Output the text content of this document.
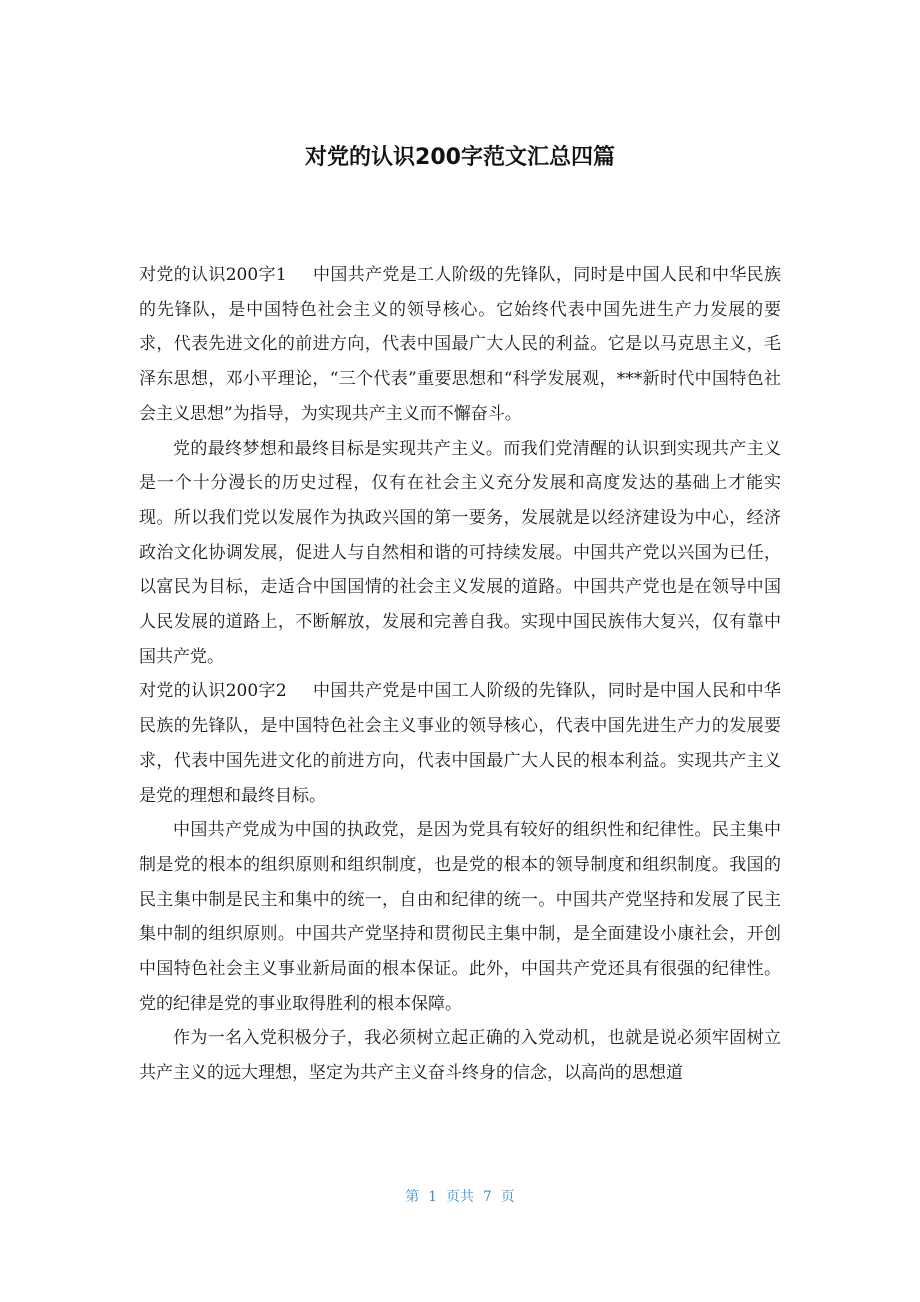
对党的认识200字范文汇总四篇

对党的认识200字1 中国共产党是工人阶级的先锋队，同时是中国人民和中华民族的先锋队，是中国特色社会主义的领导核心。它始终代表中国先进生产力发展的要求，代表先进文化的前进方向，代表中国最广大人民的利益。它是以马克思主义，毛泽东思想，邓小平理论，“三个代表”重要思想和“科学发展观，***新时代中国特色社会主义思想”为指导，为实现共产主义而不懈奋斗。

党的最终梦想和最终目标是实现共产主义。而我们党清醒的认识到实现共产主义是一个十分漫长的历史过程，仅有在社会主义充分发展和高度发达的基础上才能实现。所以我们党以发展作为执政兴国的第一要务，发展就是以经济建设为中心，经济政治文化协调发展，促进人与自然相和谐的可持续发展。中国共产党以兴国为已任，以富民为目标，走适合中国国情的社会主义发展的道路。中国共产党也是在领导中国人民发展的道路上，不断解放，发展和完善自我。实现中国民族伟大复兴，仅有靠中国共产党。

对党的认识200字2 中国共产党是中国工人阶级的先锋队，同时是中国人民和中华民族的先锋队，是中国特色社会主义事业的领导核心，代表中国先进生产力的发展要求，代表中国先进文化的前进方向，代表中国最广大人民的根本利益。实现共产主义是党的理想和最终目标。

中国共产党成为中国的执政党，是因为党具有较好的组织性和纪律性。民主集中制是党的根本的组织原则和组织制度，也是党的根本的领导制度和组织制度。我国的民主集中制是民主和集中的统一，自由和纪律的统一。中国共产党坚持和发展了民主集中制的组织原则。中国共产党坚持和贯彻民主集中制，是全面建设小康社会，开创中国特色社会主义事业新局面的根本保证。此外，中国共产党还具有很强的纪律性。党的纪律是党的事业取得胜利的根本保障。

作为一名入党积极分子，我必须树立起正确的入党动机，也就是说必须牢固树立共产主义的远大理想，坚定为共产主义奋斗终身的信念，以高尚的思想道

第  1  页共  7  页
